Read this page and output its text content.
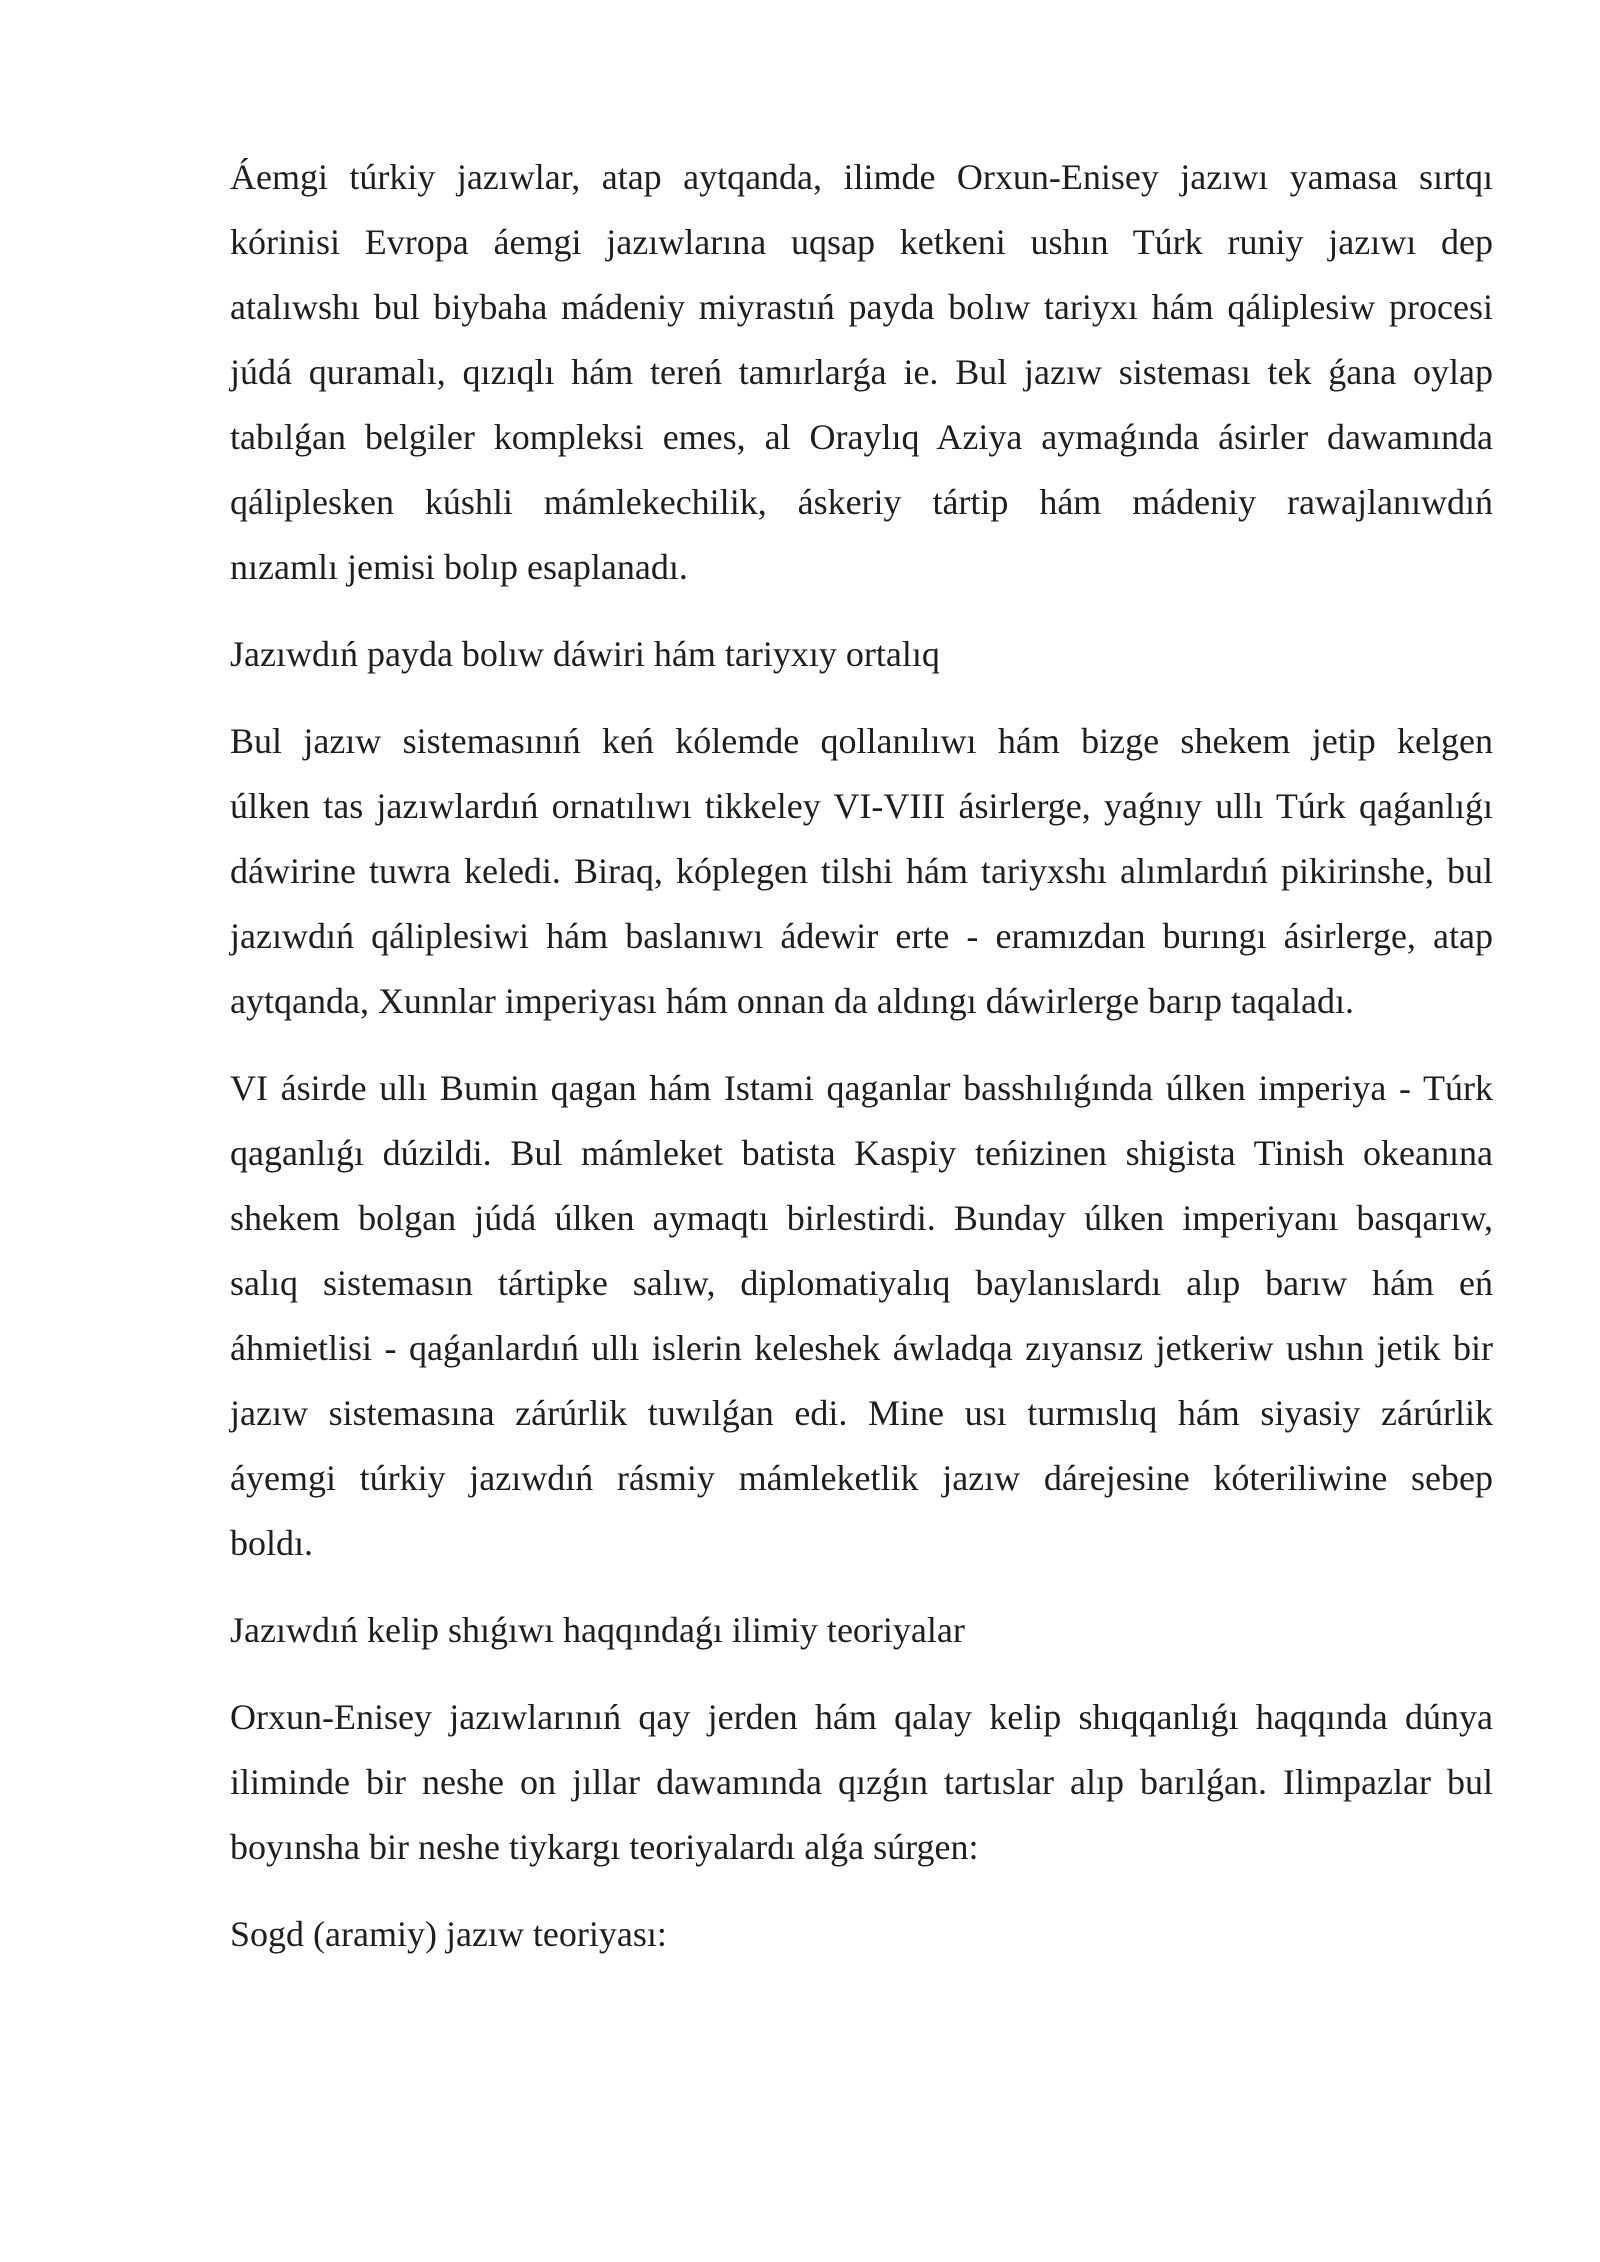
Áemgi túrkiy jazıwlar, atap aytqanda, ilimde Orxun-Enisey jazıwı yamasa sırtqı
kórinisi Evropa áemgi jazıwlarına uqsap ketkeni ushın Túrk runiy jazıwı dep
atalıwshı bul biybaha mádeniy miyrastıń payda bolıw tariyxı hám qáliplesiw procesi
júdá quramalı, qızıqlı hám tereń tamırlarǵa ie. Bul jazıw sisteması tek ǵana oylap
tabılǵan belgiler kompleksi emes, al Oraylıq Aziya aymaǵında ásirler dawamında
qáliplesken kúshli mámlekechilik, áskeriy tártip hám mádeniy rawajlanıwdıń
nızamlı jemisi bolıp esaplanadı.
Jazıwdıń payda bolıw dáwiri hám tariyxıy ortalıq
Bul jazıw sistemasınıń keń kólemde qollanılıwı hám bizge shekem jetip kelgen
úlken tas jazıwlardıń ornatılıwı tikkeley VI-VIII ásirlerge, yaǵnıy ullı Túrk qaǵanlıǵı
dáwirine tuwra keledi. Biraq, kóplegen tilshi hám tariyxshı alımlardıń pikirinshe, bul
jazıwdıń qáliplesiwi hám baslanıwı ádewir erte - eramızdan burıngı ásirlerge, atap
aytqanda, Xunnlar imperiyası hám onnan da aldıngı dáwirlerge barıp taqaladı.
VI ásirde ullı Bumin qagan hám Istami qaganlar basshılıǵında úlken imperiya - Túrk
qaganlıǵı dúzildi. Bul mámleket batista Kaspiy teńizinen shigista Tinish okeanına
shekem bolgan júdá úlken aymaqtı birlestirdi. Bunday úlken imperiyanı basqarıw,
salıq sistemasın tártipke salıw, diplomatiyalıq baylanıslardı alıp barıw hám eń
áhmietlisi - qaǵanlardıń ullı islerin keleshek áwladqa zıyansız jetkeriw ushın jetik bir
jazıw sistemasına zárúrlik tuwılǵan edi. Mine usı turmıslıq hám siyasiy zárúrlik
áyemgi túrkiy jazıwdıń rásmiy mámleketlik jazıw dárejesine kóteriliwine sebep
boldı.
Jazıwdıń kelip shıǵıwı haqqındaǵı ilimiy teoriyalar
Orxun-Enisey jazıwlarınıń qay jerden hám qalay kelip shıqqanlıǵı haqqında dúnya
iliminde bir neshe on jıllar dawamında qızǵın tartıslar alıp barılǵan. Ilimpazlar bul
boyınsha bir neshe tiykargı teoriyalardı alǵa súrgen:
Sogd (aramiy) jazıw teoriyası:
